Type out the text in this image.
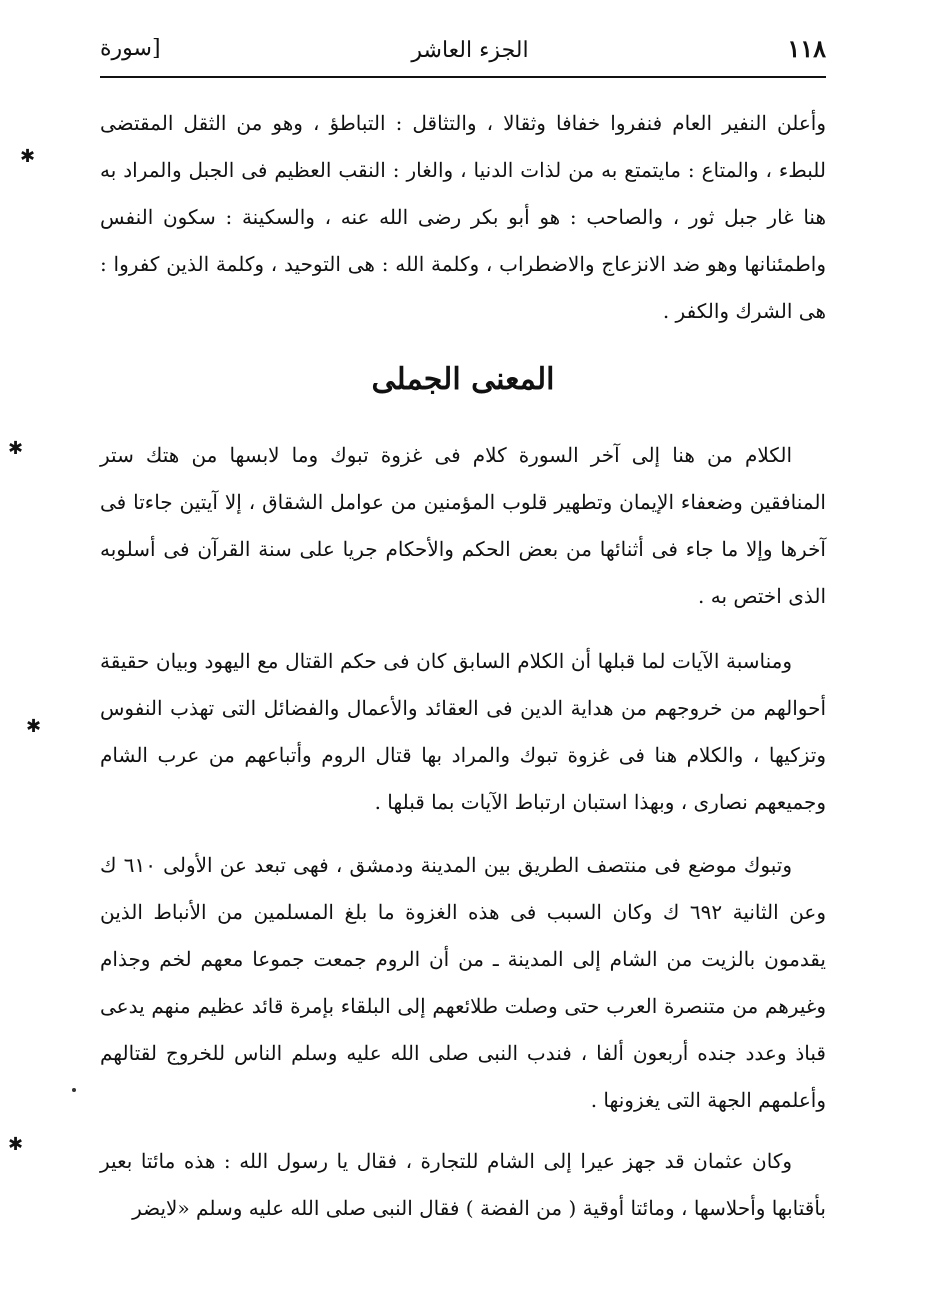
١١٨
الجزء العاشر
[سورة

وأعلن النفير العام فنفروا خفافا وثقالا ، والتثاقل : التباطؤ ، وهو من الثقل المقتضى للبطء ، والمتاع : مايتمتع به من لذات الدنيا ، والغار : النقب العظيم فى الجبل والمراد به هنا غار جبل ثور ، والصاحب : هو أبو بكر رضى الله عنه ، والسكينة : سكون النفس واطمئنانها وهو ضد الانزعاج والاضطراب ، وكلمة الله : هى التوحيد ، وكلمة الذين كفروا : هى الشرك والكفر .

المعنى الجملى

الكلام من هنا إلى آخر السورة كلام فى غزوة تبوك وما لابسها من هتك ستر المنافقين وضعفاء الإيمان وتطهير قلوب المؤمنين من عوامل الشقاق ، إلا آيتين جاءتا فى آخرها وإلا ما جاء فى أثنائها من بعض الحكم والأحكام جريا على سنة القرآن فى أسلوبه الذى اختص به .

ومناسبة الآيات لما قبلها أن الكلام السابق كان فى حكم القتال مع اليهود وبيان حقيقة أحوالهم من خروجهم من هداية الدين فى العقائد والأعمال والفضائل التى تهذب النفوس وتزكيها ، والكلام هنا فى غزوة تبوك والمراد بها قتال الروم وأتباعهم من عرب الشام وجميعهم نصارى ، وبهذا استبان ارتباط الآيات بما قبلها .

وتبوك موضع فى منتصف الطريق بين المدينة ودمشق ، فهى تبعد عن الأولى ٦١٠ ك وعن الثانية ٦٩٢ ك وكان السبب فى هذه الغزوة ما بلغ المسلمين من الأنباط الذين يقدمون بالزيت من الشام إلى المدينة ـ من أن الروم جمعت جموعا معهم لخم وجذام وغيرهم من متنصرة العرب حتى وصلت طلائعهم إلى البلقاء بإمرة قائد عظيم منهم يدعى قباذ وعدد جنده أربعون ألفا ، فندب النبى صلى الله عليه وسلم الناس للخروج لقتالهم وأعلمهم الجهة التى يغزونها .

وكان عثمان قد جهز عيرا إلى الشام للتجارة ، فقال يا رسول الله : هذه مائتا بعير بأقتابها وأحلاسها ، ومائتا أوقية ( من الفضة ) فقال النبى صلى الله عليه وسلم «لايضر

✱
✱
✱
✱
